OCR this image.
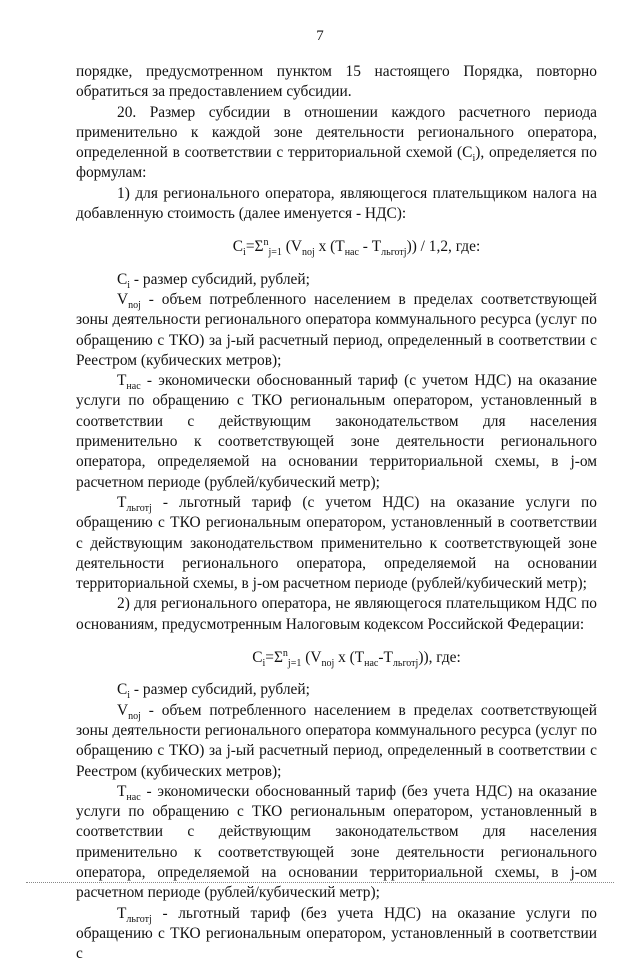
7

порядке, предусмотренном пунктом 15 настоящего Порядка, повторно обратиться за предоставлением субсидии.

20. Размер субсидии в отношении каждого расчетного периода применительно к каждой зоне деятельности регионального оператора, определенной в соответствии с территориальной схемой $(C_i)$, определяется по формулам:

1) для регионального оператора, являющегося плательщиком налога на добавленную стоимость (далее именуется - НДС):

$C_i=\Sigma^n_{j=1}$ ($V_{noj}$ x $(T_{нас} - T_{льготj})) / 1,2$, где:

$C_i$ - размер субсидий, рублей;

$V_{noj}$ - объем потребленного населением в пределах соответствующей зоны деятельности регионального оператора коммунального ресурса (услуг по обращению с ТКО) за j-ый расчетный период, определенный в соответствии с Реестром (кубических метров);

$T_{нас}$ - экономически обоснованный тариф (с учетом НДС) на оказание услуги по обращению с ТКО региональным оператором, установленный в соответствии с действующим законодательством для населения применительно к соответствующей зоне деятельности регионального оператора, определяемой на основании территориальной схемы, в j-ом расчетном периоде (рублей/кубический метр);

$T_{льготj}$ - льготный тариф (с учетом НДС) на оказание услуги по обращению с ТКО региональным оператором, установленный в соответствии с действующим законодательством применительно к соответствующей зоне деятельности регионального оператора, определяемой на основании территориальной схемы, в j-ом расчетном периоде (рублей/кубический метр);

2) для регионального оператора, не являющегося плательщиком НДС по основаниям, предусмотренным Налоговым кодексом Российской Федерации:

$C_i=\Sigma^n_{j=1}$ ($V_{noj}$ x $(T_{нас}-T_{льготj})$), где:

$C_i$ - размер субсидий, рублей;

$V_{noj}$ - объем потребленного населением в пределах соответствующей зоны деятельности регионального оператора коммунального ресурса (услуг по обращению с ТКО) за j-ый расчетный период, определенный в соответствии с Реестром (кубических метров);

$T_{нас}$ - экономически обоснованный тариф (без учета НДС) на оказание услуги по обращению с ТКО региональным оператором, установленный в соответствии с действующим законодательством для населения применительно к соответствующей зоне деятельности регионального оператора, определяемой на основании территориальной схемы, в j-ом расчетном периоде (рублей/кубический метр);

$T_{льготj}$ - льготный тариф (без учета НДС) на оказание услуги по обращению с ТКО региональным оператором, установленный в соответствии с
